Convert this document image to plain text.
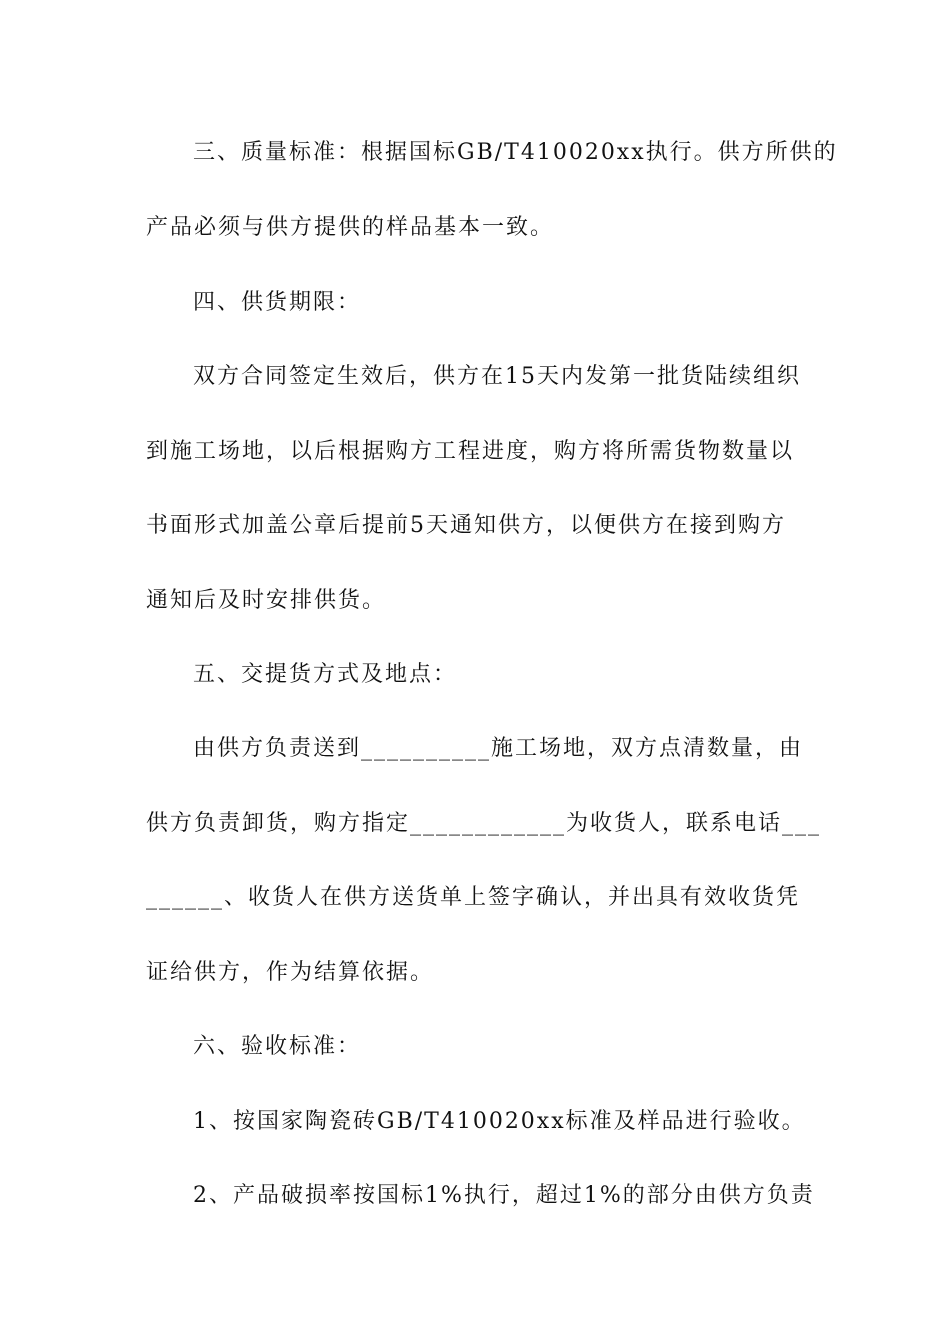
三、质量标准：根据国标GB/T410020xx执行。供方所供的
产品必须与供方提供的样品基本一致。
四、供货期限：
双方合同签定生效后，供方在15天内发第一批货陆续组织
到施工场地，以后根据购方工程进度，购方将所需货物数量以
书面形式加盖公章后提前5天通知供方，以便供方在接到购方
通知后及时安排供货。
五、交提货方式及地点：
由供方负责送到__________施工场地，双方点清数量，由
供方负责卸货，购方指定____________为收货人，联系电话___
______、收货人在供方送货单上签字确认，并出具有效收货凭
证给供方，作为结算依据。
六、验收标准：
1、按国家陶瓷砖GB/T410020xx标准及样品进行验收。
2、产品破损率按国标1%执行，超过1%的部分由供方负责
